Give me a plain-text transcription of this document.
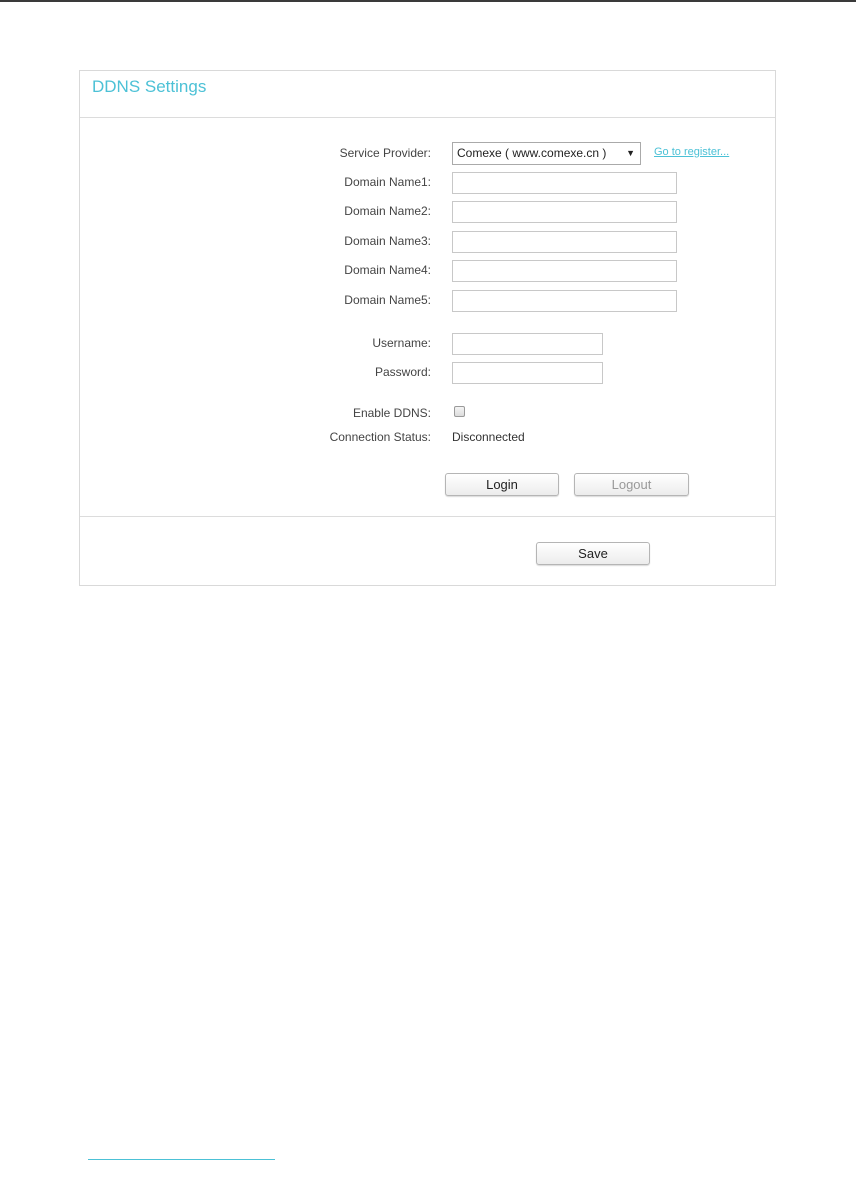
DDNS Settings
Service Provider:	Comexe ( www.comexe.cn ) ▼ Go to register...
Domain Name1:
Domain Name2:
Domain Name3:
Domain Name4:
Domain Name5:
Username:
Password:
Enable DDNS:
Connection Status: Disconnected
Login	Logout
Save
